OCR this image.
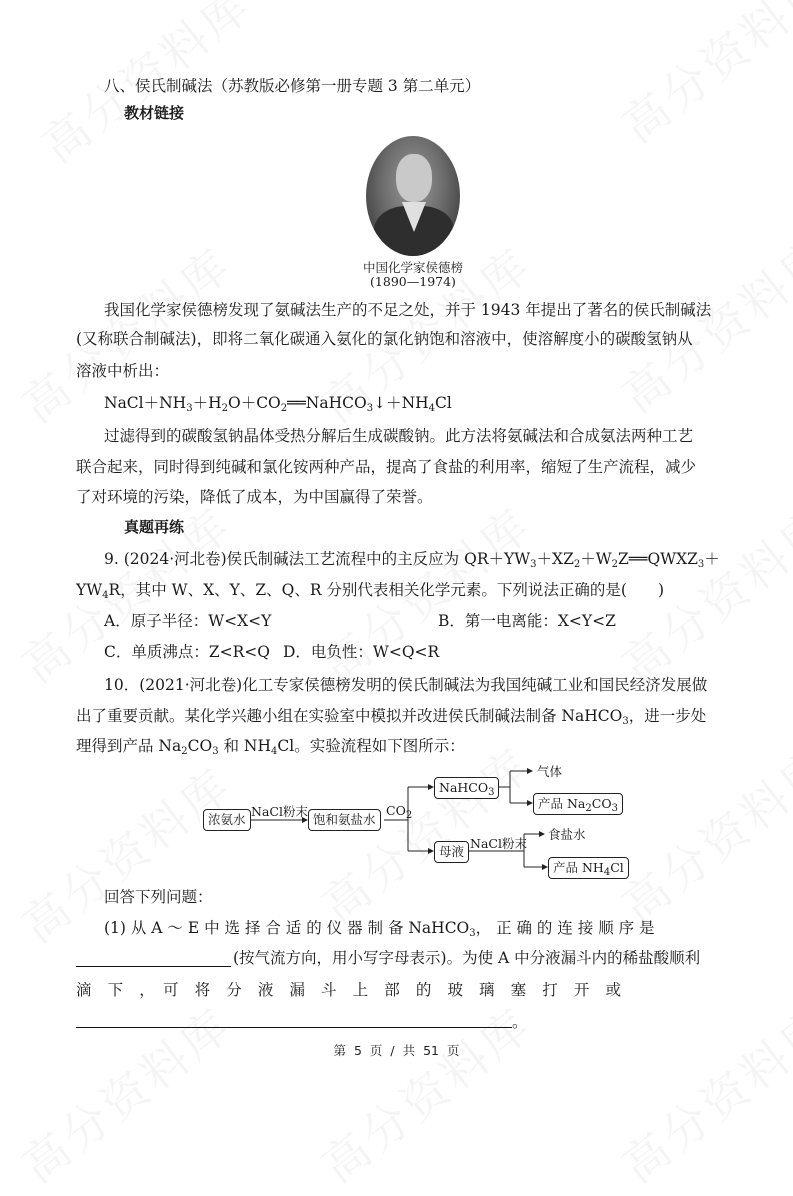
八、侯氏制碱法（苏教版必修第一册专题 3 第二单元）
教材链接
中国化学家侯德榜
(1890—1974)
我国化学家侯德榜发现了氨碱法生产的不足之处，并于 1943 年提出了著名的侯氏制碱法
(又称联合制碱法)，即将二氧化碳通入氨化的氯化钠饱和溶液中，使溶解度小的碳酸氢钠从
溶液中析出：
$NaCl+NH_3+H_2O+CO_2══NaHCO_3↓+NH_4Cl$
过滤得到的碳酸氢钠晶体受热分解后生成碳酸钠。此方法将氨碱法和合成氨法两种工艺
联合起来，同时得到纯碱和氯化铵两种产品，提高了食盐的利用率，缩短了生产流程，减少
了对环境的污染，降低了成本，为中国赢得了荣誉。
真题再练
9. (2024·河北卷)侯氏制碱法工艺流程中的主反应为 $QR+YW_3+XZ_2+W_2Z══QWXZ_3+$
$YW_4R$，其中 W、X、Y、Z、Q、R 分别代表相关化学元素。下列说法正确的是(　　)
A．原子半径：W<X<Y	B．第一电离能：X<Y<Z
C．单质沸点：Z<R<Q D．电负性：W<Q<R
10．(2021·河北卷)化工专家侯德榜发明的侯氏制碱法为我国纯碱工业和国民经济发展做
出了重要贡献。某化学兴趣小组在实验室中模拟并改进侯氏制碱法制备 NaHCO$_3$，进一步处
理得到产品 $Na_2CO_3$ 和 $NH_4Cl$。实验流程如下图所示：
浓氨水
NaCl粉末
饱和氨盐水
$CO_2$
NaHCO$_3$
气体
产品 $Na_2CO_3$
母液
NaCl粉末
食盐水
产品 $NH_4Cl$
回答下列问题：
(1) 从 A ～ E 中 选 择 合 适 的 仪 器 制 备 NaHCO$_3$， 正 确 的 连 接 顺 序 是
(按气流方向，用小写字母表示)。为使 A 中分液漏斗内的稀盐酸顺利
滴　下　，　可　将　分　液　漏　斗　上　部　的　玻　璃　塞　打　开　或
。
第 5 页 / 共 51 页
